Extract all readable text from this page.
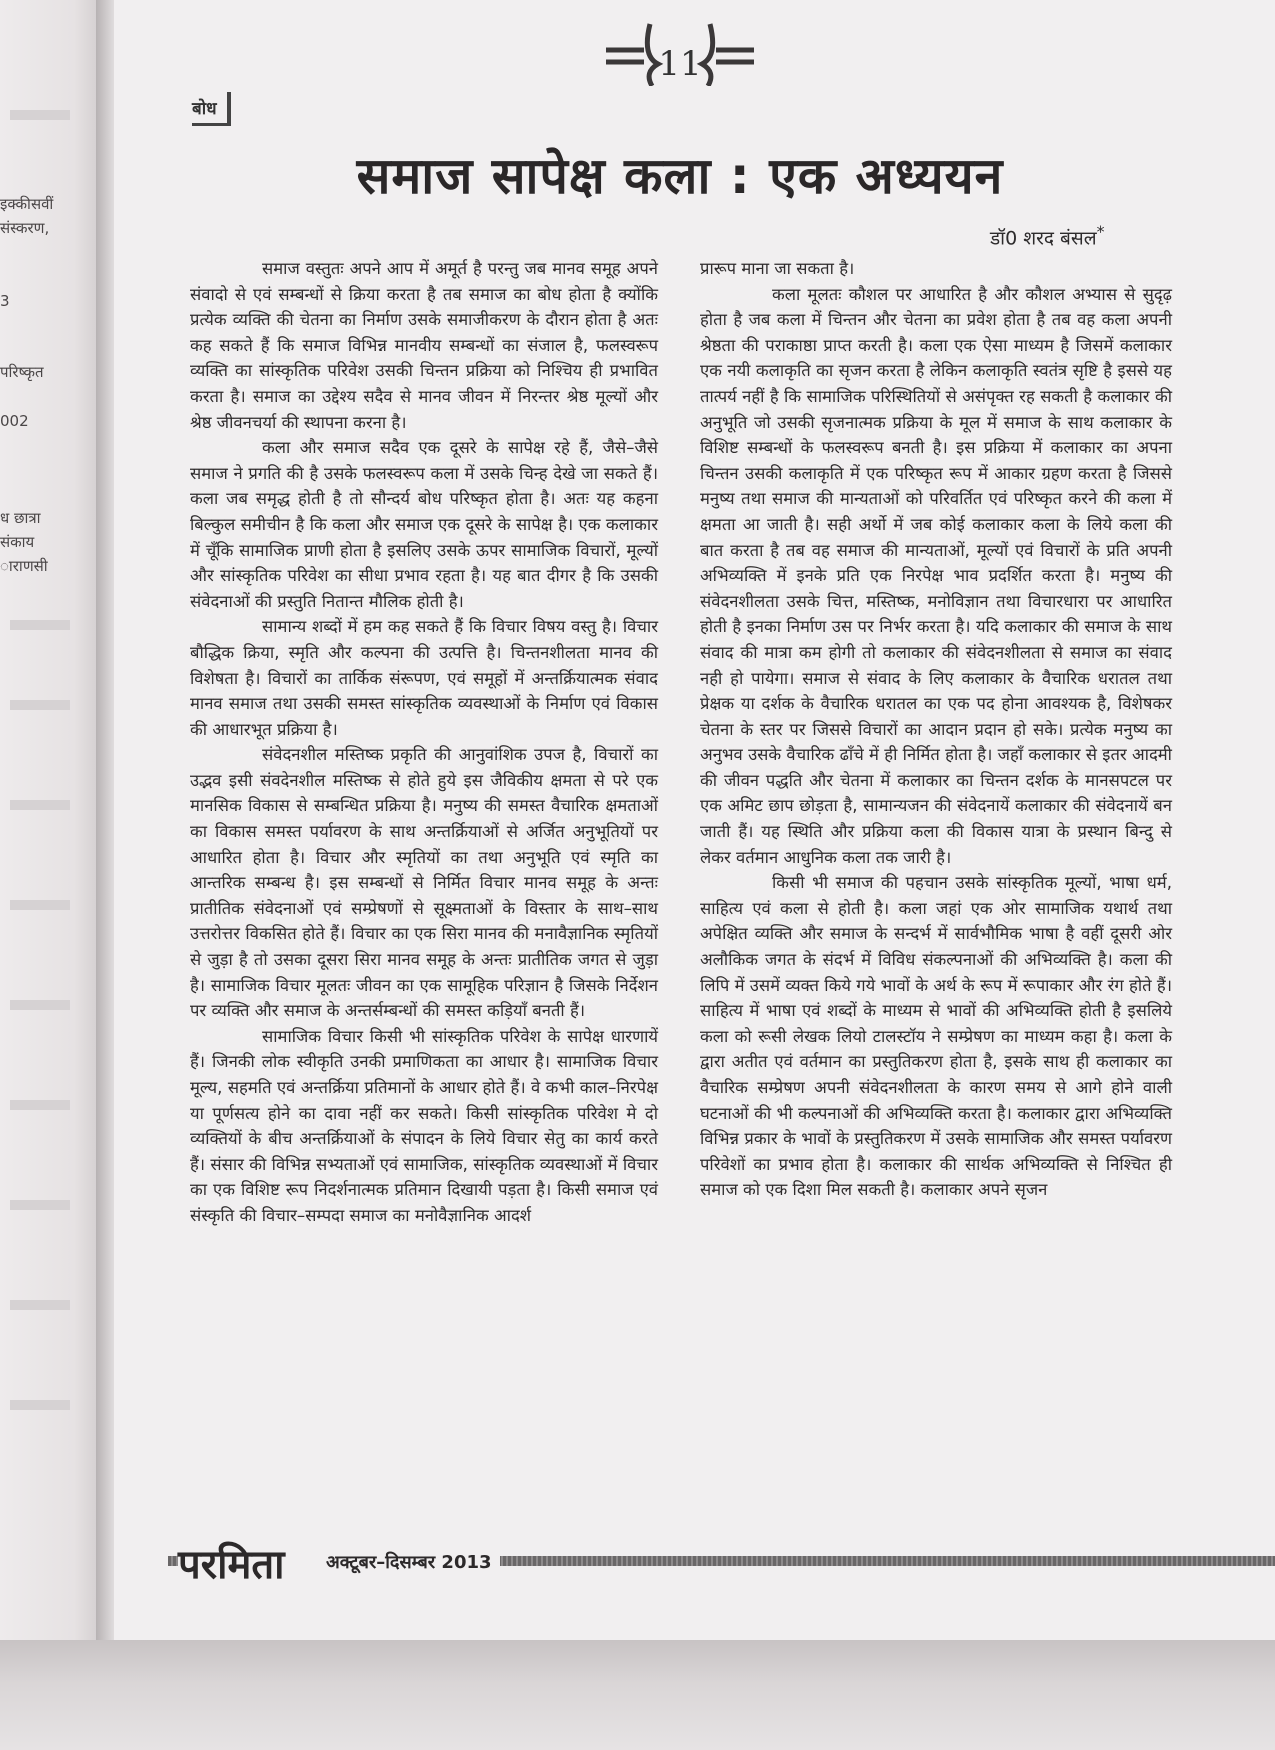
इक्कीसवीं
संस्करण,
3
परिष्कृत
002
ध छात्रा
संकाय
ाराणसी
11
बोध
समाज सापेक्ष कला : एक अध्ययन
डॉ0 शरद बंसल*

समाज वस्तुतः अपने आप में अमूर्त है परन्तु जब मानव समूह अपने संवादो से एवं सम्बन्धों से क्रिया करता है तब समाज का बोध होता है क्योंकि प्रत्येक व्यक्ति की चेतना का निर्माण उसके समाजीकरण के दौरान होता है अतः कह सकते हैं कि समाज विभिन्न मानवीय सम्बन्धों का संजाल है, फलस्वरूप व्यक्ति का सांस्कृतिक परिवेश उसकी चिन्तन प्रक्रिया को निश्चिय ही प्रभावित करता है। समाज का उद्देश्य सदैव से मानव जीवन में निरन्तर श्रेष्ठ मूल्यों और श्रेष्ठ जीवनचर्या की स्थापना करना है।

कला और समाज सदैव एक दूसरे के सापेक्ष रहे हैं, जैसे–जैसे समाज ने प्रगति की है उसके फलस्वरूप कला में उसके चिन्ह देखे जा सकते हैं। कला जब समृद्ध होती है तो सौन्दर्य बोध परिष्कृत होता है। अतः यह कहना बिल्कुल समीचीन है कि कला और समाज एक दूसरे के सापेक्ष है। एक कलाकार में चूँकि सामाजिक प्राणी होता है इसलिए उसके ऊपर सामाजिक विचारों, मूल्यों और सांस्कृतिक परिवेश का सीधा प्रभाव रहता है। यह बात दीगर है कि उसकी संवेदनाओं की प्रस्तुति नितान्त मौलिक होती है।

सामान्य शब्दों में हम कह सकते हैं कि विचार विषय वस्तु है। विचार बौद्धिक क्रिया, स्मृति और कल्पना की उत्पत्ति है। चिन्तनशीलता मानव की विशेषता है। विचारों का तार्किक संरूपण, एवं समूहों में अन्तर्क्रियात्मक संवाद मानव समाज तथा उसकी समस्त सांस्कृतिक व्यवस्थाओं के निर्माण एवं विकास की आधारभूत प्रक्रिया है।

संवेदनशील मस्तिष्क प्रकृति की आनुवांशिक उपज है, विचारों का उद्भव इसी संवदेनशील मस्तिष्क से होते हुये इस जैविकीय क्षमता से परे एक मानसिक विकास से सम्बन्धित प्रक्रिया है। मनुष्य की समस्त वैचारिक क्षमताओं का विकास समस्त पर्यावरण के साथ अन्तर्क्रियाओं से अर्जित अनुभूतियों पर आधारित होता है। विचार और स्मृतियों का तथा अनुभूति एवं स्मृति का आन्तरिक सम्बन्ध है। इस सम्बन्धों से निर्मित विचार मानव समूह के अन्तः प्रातीतिक संवेदनाओं एवं सम्प्रेषणों से सूक्ष्मताओं के विस्तार के साथ–साथ उत्तरोत्तर विकसित होते हैं। विचार का एक सिरा मानव की मनावैज्ञानिक स्मृतियों से जुड़ा है तो उसका दूसरा सिरा मानव समूह के अन्तः प्रातीतिक जगत से जुड़ा है। सामाजिक विचार मूलतः जीवन का एक सामूहिक परिज्ञान है जिसके निर्देशन पर व्यक्ति और समाज के अन्तर्सम्बन्धों की समस्त कड़ियाँ बनती हैं।

सामाजिक विचार किसी भी सांस्कृतिक परिवेश के सापेक्ष धारणायें हैं। जिनकी लोक स्वीकृति उनकी प्रमाणिकता का आधार है। सामाजिक विचार मूल्य, सहमति एवं अन्तर्क्रिया प्रतिमानों के आधार होते हैं। वे कभी काल–निरपेक्ष या पूर्णसत्य होने का दावा नहीं कर सकते। किसी सांस्कृतिक परिवेश मे दो व्यक्तियों के बीच अन्तर्क्रियाओं के संपादन के लिये विचार सेतु का कार्य करते हैं। संसार की विभिन्न सभ्यताओं एवं सामाजिक, सांस्कृतिक व्यवस्थाओं में विचार का एक विशिष्ट रूप निदर्शनात्मक प्रतिमान दिखायी पड़ता है। किसी समाज एवं संस्कृति की विचार–सम्पदा समाज का मनोवैज्ञानिक आदर्श

प्रारूप माना जा सकता है।

कला मूलतः कौशल पर आधारित है और कौशल अभ्यास से सुदृढ़ होता है जब कला में चिन्तन और चेतना का प्रवेश होता है तब वह कला अपनी श्रेष्ठता की पराकाष्ठा प्राप्त करती है। कला एक ऐसा माध्यम है जिसमें कलाकार एक नयी कलाकृति का सृजन करता है लेकिन कलाकृति स्वतंत्र सृष्टि है इससे यह तात्पर्य नहीं है कि सामाजिक परिस्थितियों से असंपृक्त रह सकती है कलाकार की अनुभूति जो उसकी सृजनात्मक प्रक्रिया के मूल में समाज के साथ कलाकार के विशिष्ट सम्बन्धों के फलस्वरूप बनती है। इस प्रक्रिया में कलाकार का अपना चिन्तन उसकी कलाकृति में एक परिष्कृत रूप में आकार ग्रहण करता है जिससे मनुष्य तथा समाज की मान्यताओं को परिवर्तित एवं परिष्कृत करने की कला में क्षमता आ जाती है। सही अर्थो में जब कोई कलाकार कला के लिये कला की बात करता है तब वह समाज की मान्यताओं, मूल्यों एवं विचारों के प्रति अपनी अभिव्यक्ति में इनके प्रति एक निरपेक्ष भाव प्रदर्शित करता है। मनुष्य की संवेदनशीलता उसके चित्त, मस्तिष्क, मनोविज्ञान तथा विचारधारा पर आधारित होती है इनका निर्माण उस पर निर्भर करता है। यदि कलाकार की समाज के साथ संवाद की मात्रा कम होगी तो कलाकार की संवेदनशीलता से समाज का संवाद नही हो पायेगा। समाज से संवाद के लिए कलाकार के वैचारिक धरातल तथा प्रेक्षक या दर्शक के वैचारिक धरातल का एक पद होना आवश्यक है, विशेषकर चेतना के स्तर पर जिससे विचारों का आदान प्रदान हो सके। प्रत्येक मनुष्य का अनुभव उसके वैचारिक ढाँचे में ही निर्मित होता है। जहाँ कलाकार से इतर आदमी की जीवन पद्धति और चेतना में कलाकार का चिन्तन दर्शक के मानसपटल पर एक अमिट छाप छोड़ता है, सामान्यजन की संवेदनायें कलाकार की संवेदनायें बन जाती हैं। यह स्थिति और प्रक्रिया कला की विकास यात्रा के प्रस्थान बिन्दु से लेकर वर्तमान आधुनिक कला तक जारी है।

किसी भी समाज की पहचान उसके सांस्कृतिक मूल्यों, भाषा धर्म, साहित्य एवं कला से होती है। कला जहां एक ओर सामाजिक यथार्थ तथा अपेक्षित व्यक्ति और समाज के सन्दर्भ में सार्वभौमिक भाषा है वहीं दूसरी ओर अलौकिक जगत के संदर्भ में विविध संकल्पनाओं की अभिव्यक्ति है। कला की लिपि में उसमें व्यक्त किये गये भावों के अर्थ के रूप में रूपाकार और रंग होते हैं। साहित्य में भाषा एवं शब्दों के माध्यम से भावों की अभिव्यक्ति होती है इसलिये कला को रूसी लेखक लियो टालस्टॉय ने सम्प्रेषण का माध्यम कहा है। कला के द्वारा अतीत एवं वर्तमान का प्रस्तुतिकरण होता है, इसके साथ ही कलाकार का वैचारिक सम्प्रेषण अपनी संवेदनशीलता के कारण समय से आगे होने वाली घटनाओं की भी कल्पनाओं की अभिव्यक्ति करता है। कलाकार द्वारा अभिव्यक्ति विभिन्न प्रकार के भावों के प्रस्तुतिकरण में उसके सामाजिक और समस्त पर्यावरण परिवेशों का प्रभाव होता है। कलाकार की सार्थक अभिव्यक्ति से निश्चित ही समाज को एक दिशा मिल सकती है। कलाकार अपने सृजन

परमिता	अक्टूबर–दिसम्बर 2013
